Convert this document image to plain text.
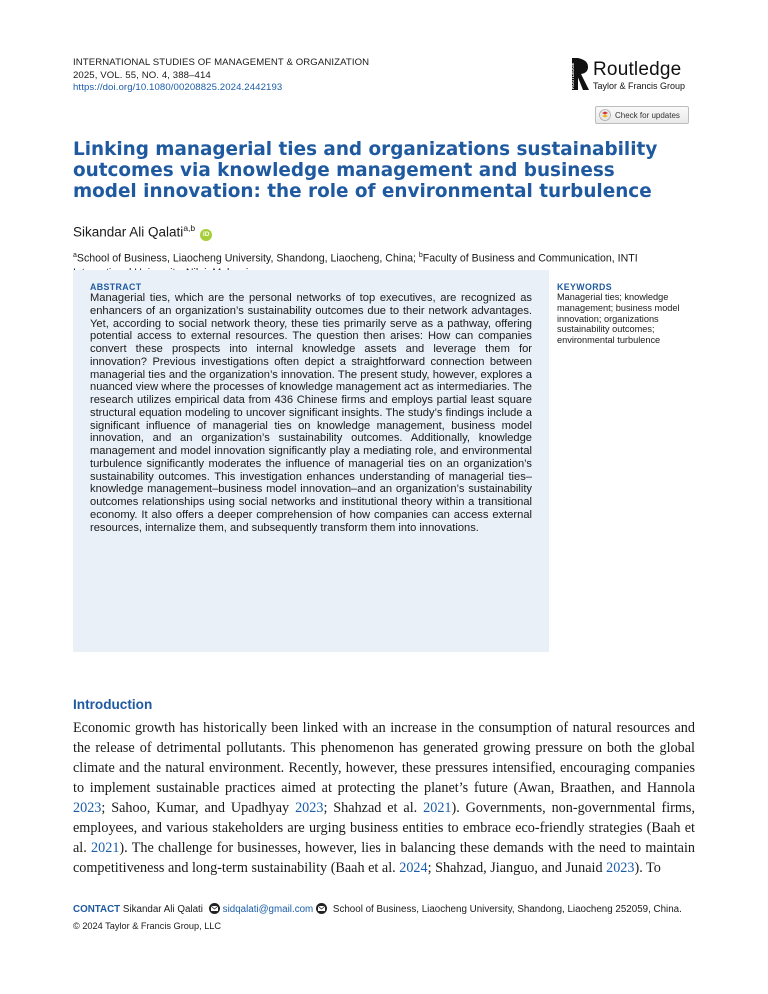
INTERNATIONAL STUDIES OF MANAGEMENT & ORGANIZATION
2025, VOL. 55, NO. 4, 388–414
https://doi.org/10.1080/00208825.2024.2442193	ROUTLEDGE Routledge
Taylor & Francis Group
Check for updates
Linking managerial ties and organizations sustainability outcomes via knowledge management and business model innovation: the role of environmental turbulence
Sikandar Ali Qalati$^{a,b}$iD
$^a$School of Business, Liaocheng University, Shandong, Liaocheng, China; $^b$Faculty of Business and Communication, INTI
ABSTRACT

Managerial ties, which are the personal networks of top executives, are recognized as enhancers of an organization’s sustainability outcomes due to their network advantages. Yet, according to social network theory, these ties primarily serve as a pathway, offering potential access to external resources. The question then arises: How can companies convert these prospects into internal knowledge assets and leverage them for innovation? Previous investigations often depict a straightforward connection between managerial ties and the organization’s innovation. The present study, however, explores a nuanced view where the processes of knowledge management act as intermediaries. The research utilizes empirical data from 436 Chinese firms and employs partial least square structural equation modeling to uncover significant insights. The study’s findings include a significant influence of managerial ties on knowledge management, business model innovation, and an organization’s sustainability outcomes. Additionally, knowledge management and model innovation significantly play a mediating role, and environmental turbulence significantly moderates the influence of managerial ties on an organization’s sustainability outcomes. This investigation enhances understanding of managerial ties–knowledge management–business model innovation–and an organization’s sustainability outcomes relationships using social networks and institutional theory within a transitional economy. It also offers a deeper comprehension of how companies can access external resources, internalize them, and subsequently transform them into innovations.

KEYWORDS

Managerial ties; knowledge management; business model innovation; organizations sustainability outcomes; environmental turbulence

Introduction

Economic growth has historically been linked with an increase in the consumption of natural resources and the release of detrimental pollutants. This phenomenon has generated growing pressure on both the global climate and the natural environment. Recently, however, these pressures intensified, encouraging companies to implement sustainable practices aimed at protecting the planet’s future (Awan, Braathen, and Hannola 2023; Sahoo, Kumar, and Upadhyay 2023; Shahzad et al. 2021). Governments, non-governmental firms, employees, and various stakeholders are urging business entities to embrace eco-friendly strategies (Baah et al. 2021). The challenge for businesses, however, lies in balancing these demands with the need to maintain competitiveness and long-term sustainability (Baah et al. 2024; Shahzad, Jianguo, and Junaid 2023). To

CONTACT Sikandar Ali Qalati
sidqalati@gmail.com
School of Business, Liaocheng University, Shandong, Liaocheng 252059, China.
© 2024 Taylor & Francis Group, LLC
